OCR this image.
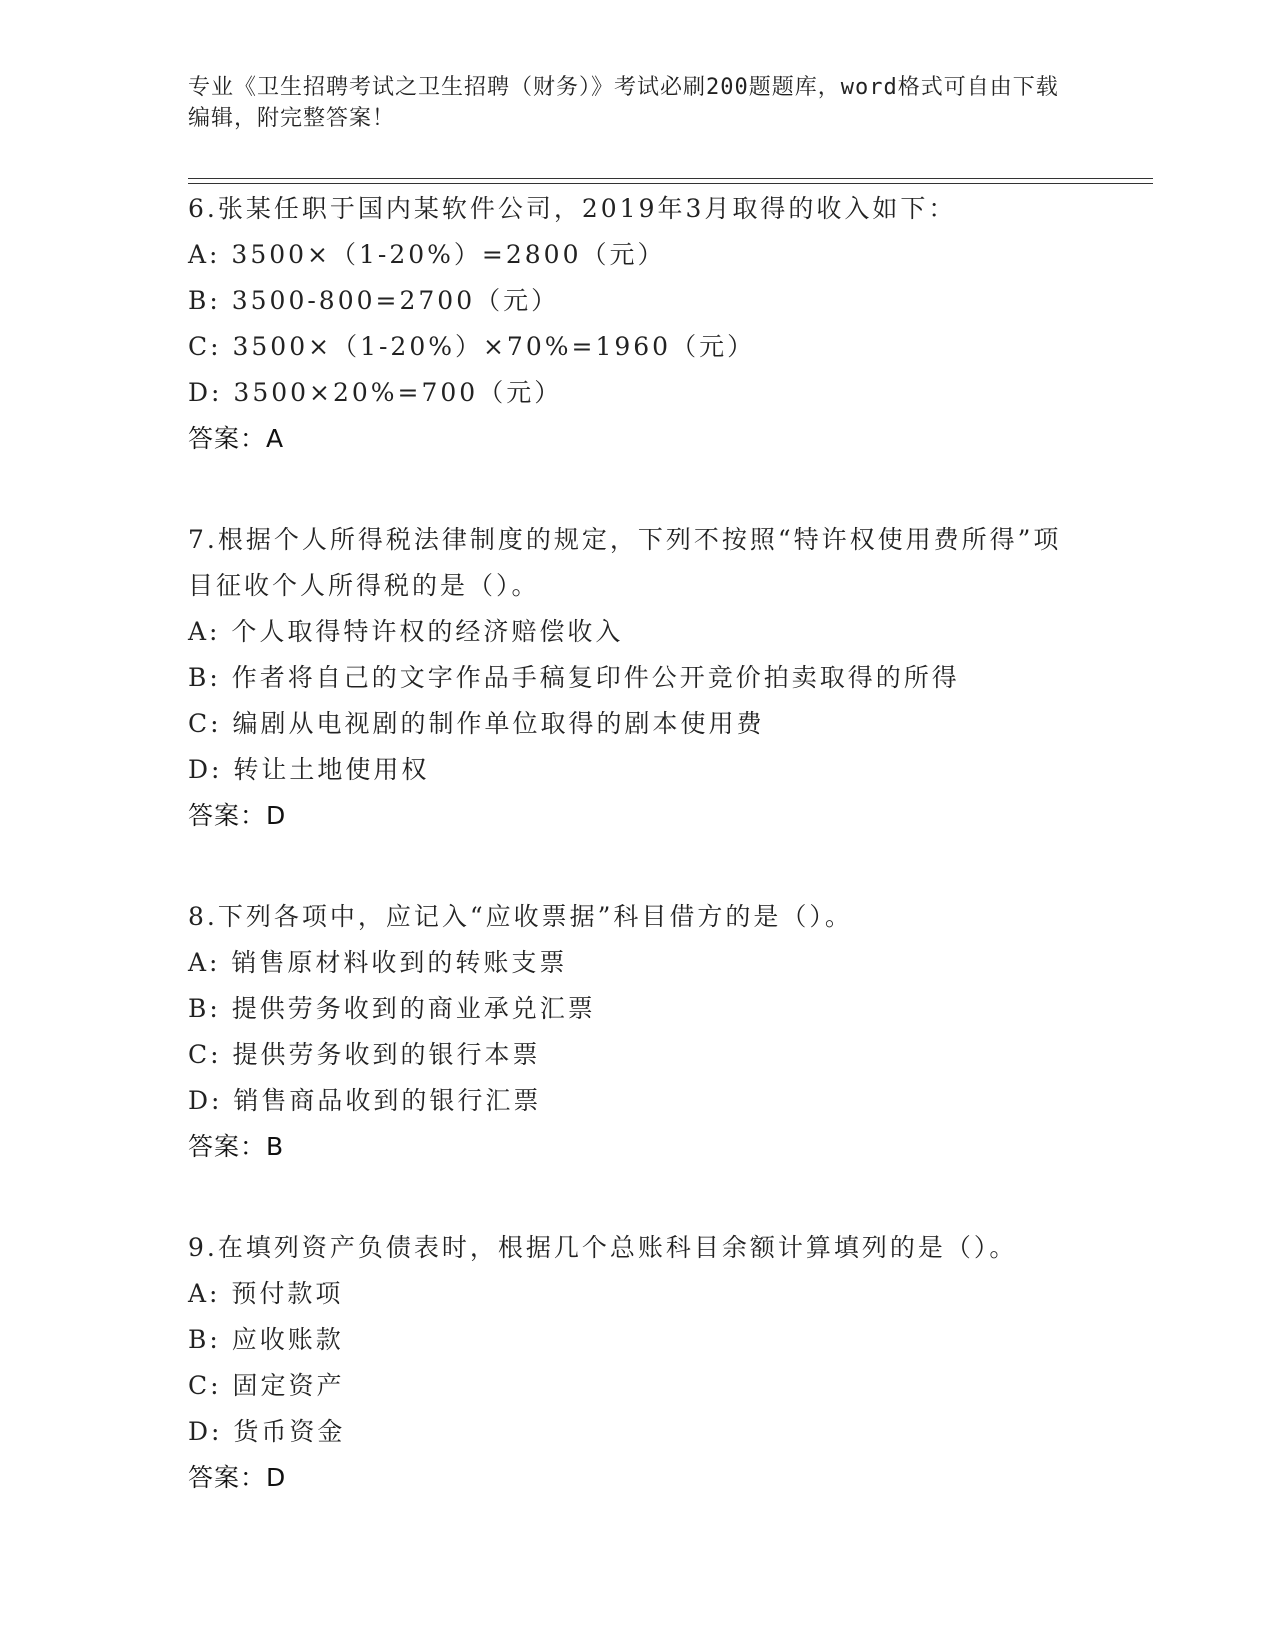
专业《卫生招聘考试之卫生招聘（财务）》考试必刷200题题库，word格式可自由下载编辑，附完整答案！
6.张某任职于国内某软件公司，2019年3月取得的收入如下：
A: 3500×（1-20%）=2800（元）
B: 3500-800=2700（元）
C: 3500×（1-20%）×70%=1960（元）
D: 3500×20%=700（元）
答案：A
7.根据个人所得税法律制度的规定，下列不按照“特许权使用费所得”项目征收个人所得税的是（）。
A: 个人取得特许权的经济赔偿收入
B: 作者将自己的文字作品手稿复印件公开竞价拍卖取得的所得
C: 编剧从电视剧的制作单位取得的剧本使用费
D: 转让土地使用权
答案：D
8.下列各项中，应记入“应收票据”科目借方的是（）。
A: 销售原材料收到的转账支票
B: 提供劳务收到的商业承兑汇票
C: 提供劳务收到的银行本票
D: 销售商品收到的银行汇票
答案：B
9.在填列资产负债表时，根据几个总账科目余额计算填列的是（）。
A: 预付款项
B: 应收账款
C: 固定资产
D: 货币资金
答案：D
